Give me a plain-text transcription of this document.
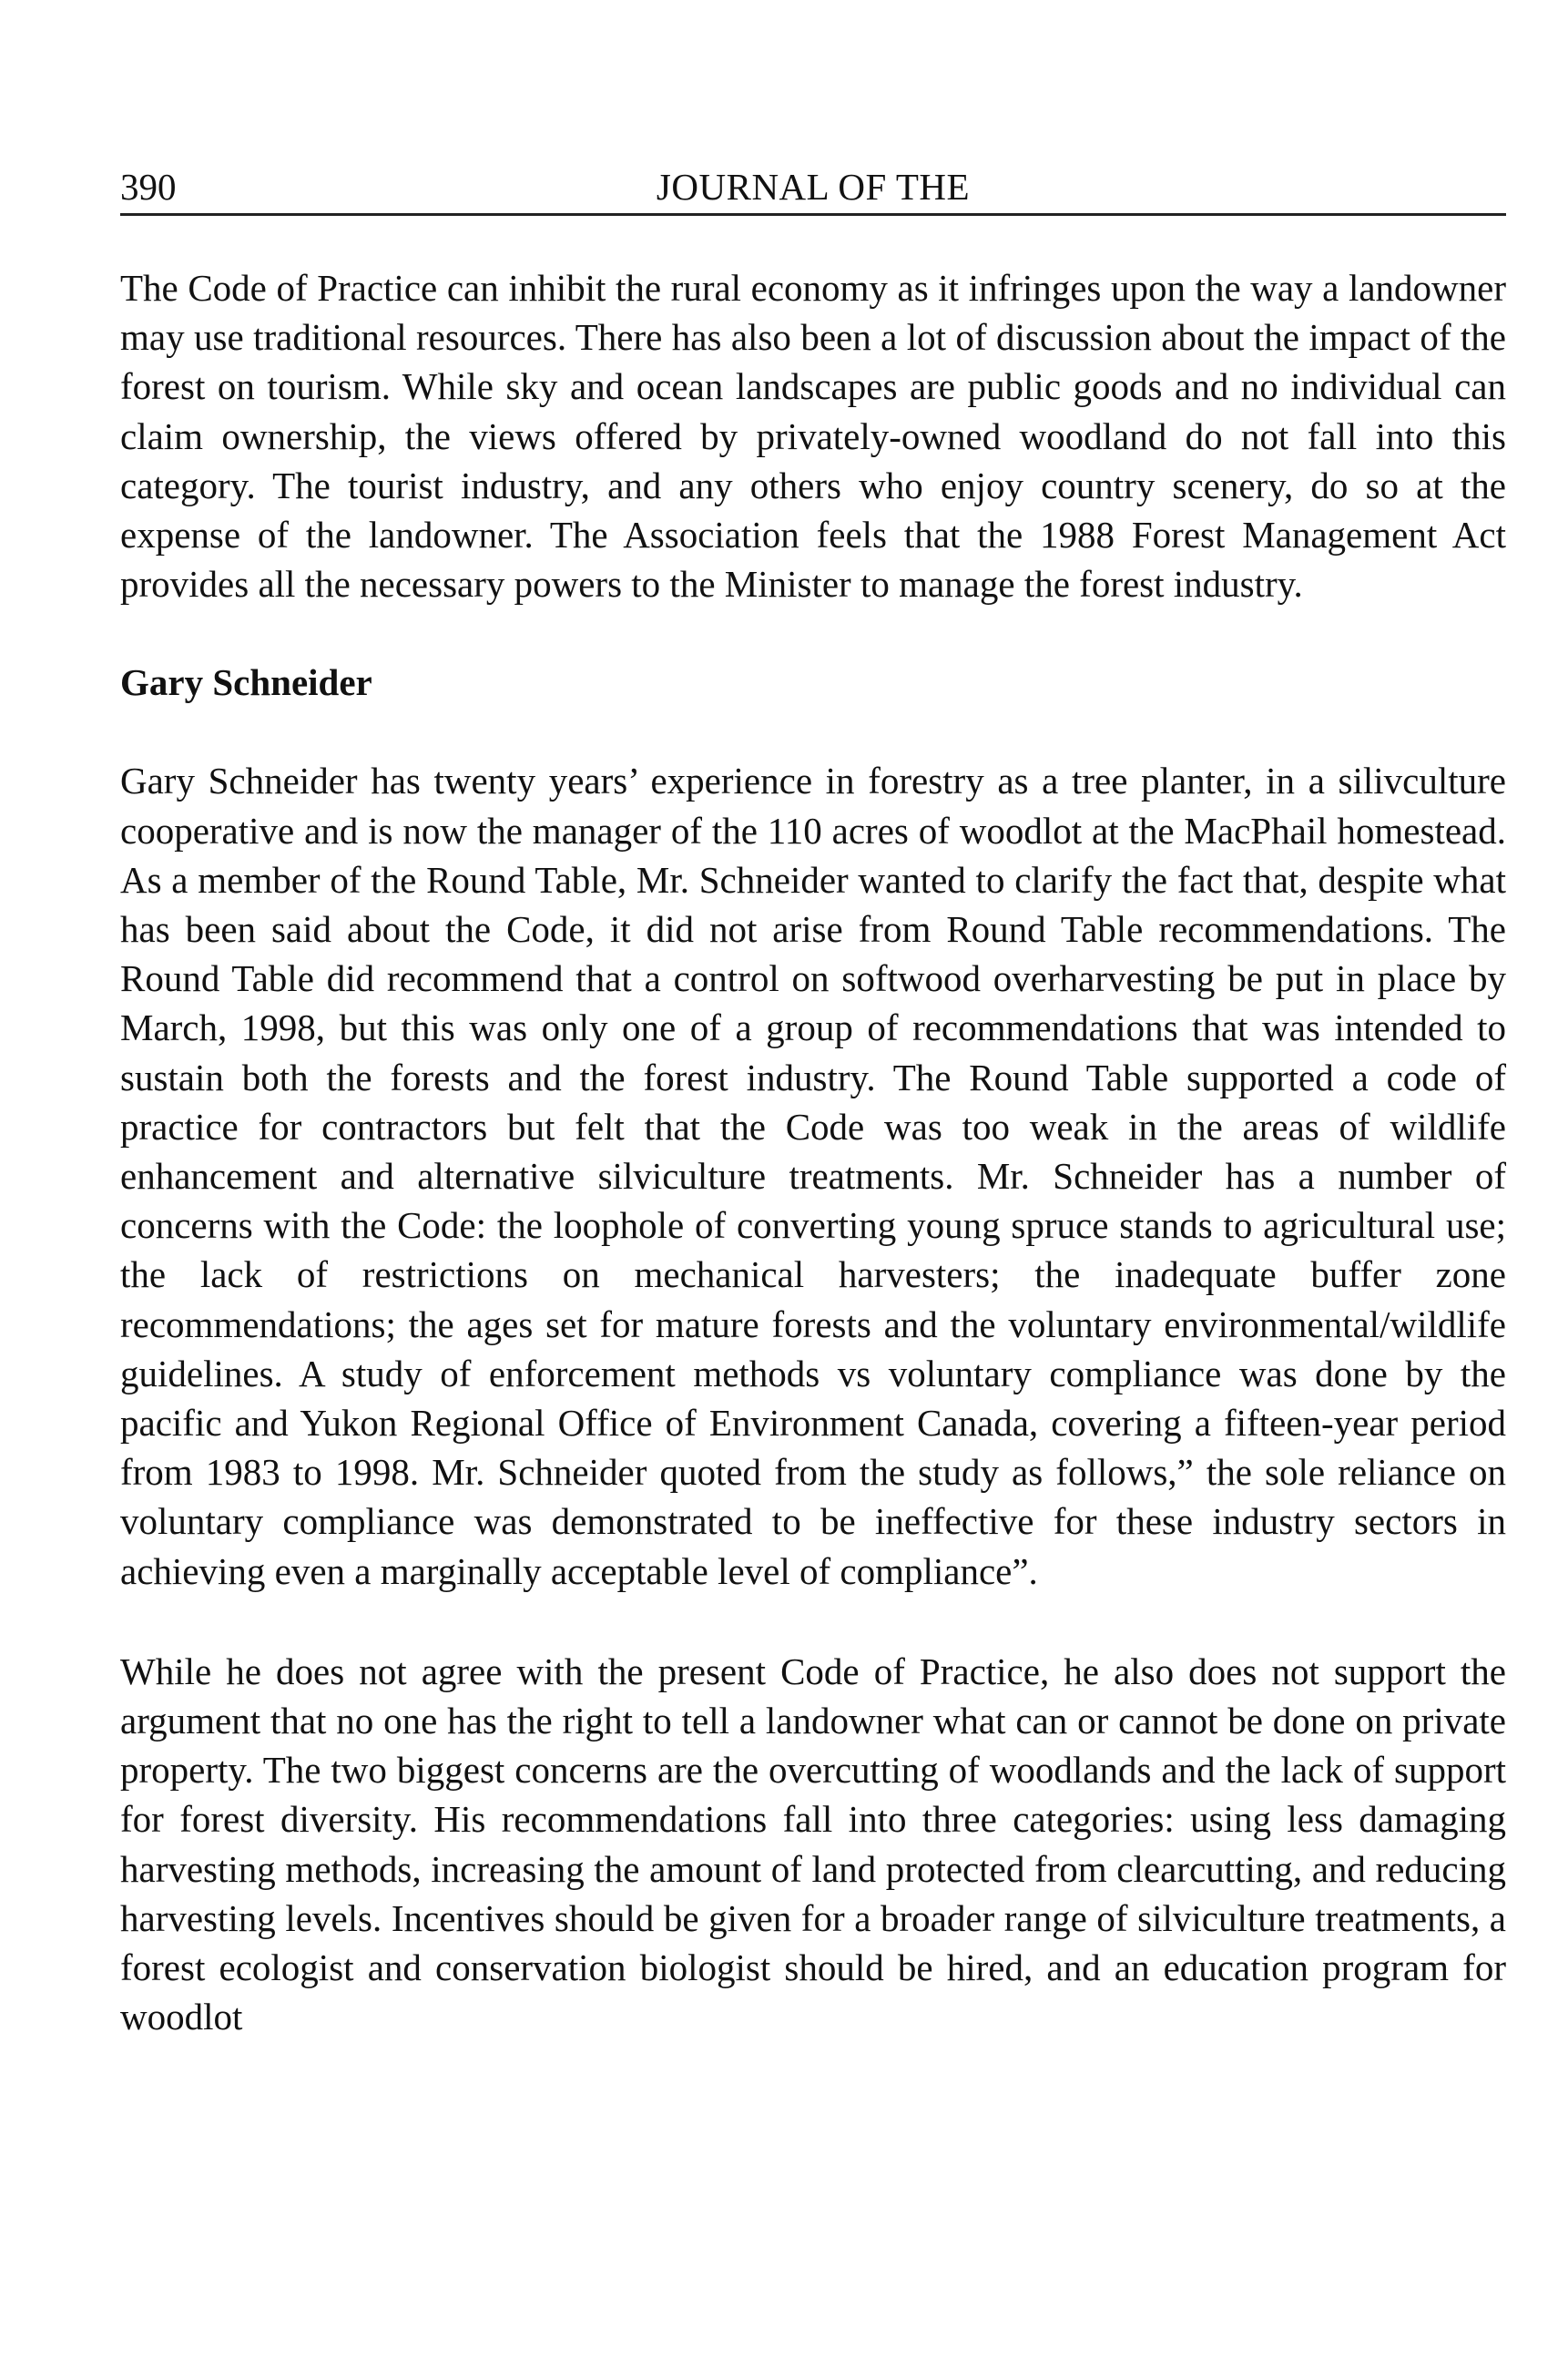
390	JOURNAL OF THE

The Code of Practice can inhibit the rural economy as it infringes upon the way a landowner may use traditional resources. There has also been a lot of discussion about the impact of the forest on tourism. While sky and ocean landscapes are public goods and no individual can claim ownership, the views offered by privately-owned woodland do not fall into this category. The tourist industry, and any others who enjoy country scenery, do so at the expense of the landowner. The Association feels that the 1988 Forest Management Act provides all the necessary powers to the Minister to manage the forest industry.

Gary Schneider

Gary Schneider has twenty years’ experience in forestry as a tree planter, in a silivculture cooperative and is now the manager of the 110 acres of woodlot at the MacPhail homestead. As a member of the Round Table, Mr. Schneider wanted to clarify the fact that, despite what has been said about the Code, it did not arise from Round Table recommendations. The Round Table did recommend that a control on softwood overharvesting be put in place by March, 1998, but this was only one of a group of recommendations that was intended to sustain both the forests and the forest industry. The Round Table supported a code of practice for contractors but felt that the Code was too weak in the areas of wildlife enhancement and alternative silviculture treatments. Mr. Schneider has a number of concerns with the Code: the loophole of converting young spruce stands to agricultural use; the lack of restrictions on mechanical harvesters; the inadequate buffer zone recommendations; the ages set for mature forests and the voluntary environmental/wildlife guidelines. A study of enforcement methods vs voluntary compliance was done by the pacific and Yukon Regional Office of Environment Canada, covering a fifteen-year period from 1983 to 1998. Mr. Schneider quoted from the study as follows,” the sole reliance on voluntary compliance was demonstrated to be ineffective for these industry sectors in achieving even a marginally acceptable level of compliance”.

While he does not agree with the present Code of Practice, he also does not support the argument that no one has the right to tell a landowner what can or cannot be done on private property. The two biggest concerns are the overcutting of woodlands and the lack of support for forest diversity. His recommendations fall into three categories: using less damaging harvesting methods, increasing the amount of land protected from clearcutting, and reducing harvesting levels. Incentives should be given for a broader range of silviculture treatments, a forest ecologist and conservation biologist should be hired, and an education program for woodlot
